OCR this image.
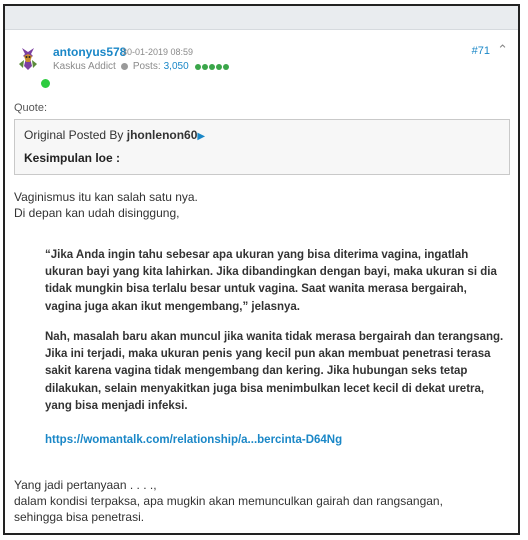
antonyus578
30-01-2019 08:59
Kaskus Addict Posts: 3,050
#71 ⌃
Quote:
Original Posted By jhonlenon60▶
Kesimpulan loe :
Vaginismus itu kan salah satu nya.
Di depan kan udah disinggung,
“Jika Anda ingin tahu sebesar apa ukuran yang bisa diterima vagina, ingatlah ukuran bayi yang kita lahirkan. Jika dibandingkan dengan bayi, maka ukuran si dia tidak mungkin bisa terlalu besar untuk vagina. Saat wanita merasa bergairah, vagina juga akan ikut mengembang,” jelasnya.
Nah, masalah baru akan muncul jika wanita tidak merasa bergairah dan terangsang. Jika ini terjadi, maka ukuran penis yang kecil pun akan membuat penetrasi terasa sakit karena vagina tidak mengembang dan kering. Jika hubungan seks tetap dilakukan, selain menyakitkan juga bisa menimbulkan lecet kecil di dekat uretra, yang bisa menjadi infeksi.
https://womantalk.com/relationship/a...bercinta-D64Ng
Yang jadi pertanyaan . . . .,
dalam kondisi terpaksa, apa mugkin akan memunculkan gairah dan rangsangan,
sehingga bisa penetrasi.
